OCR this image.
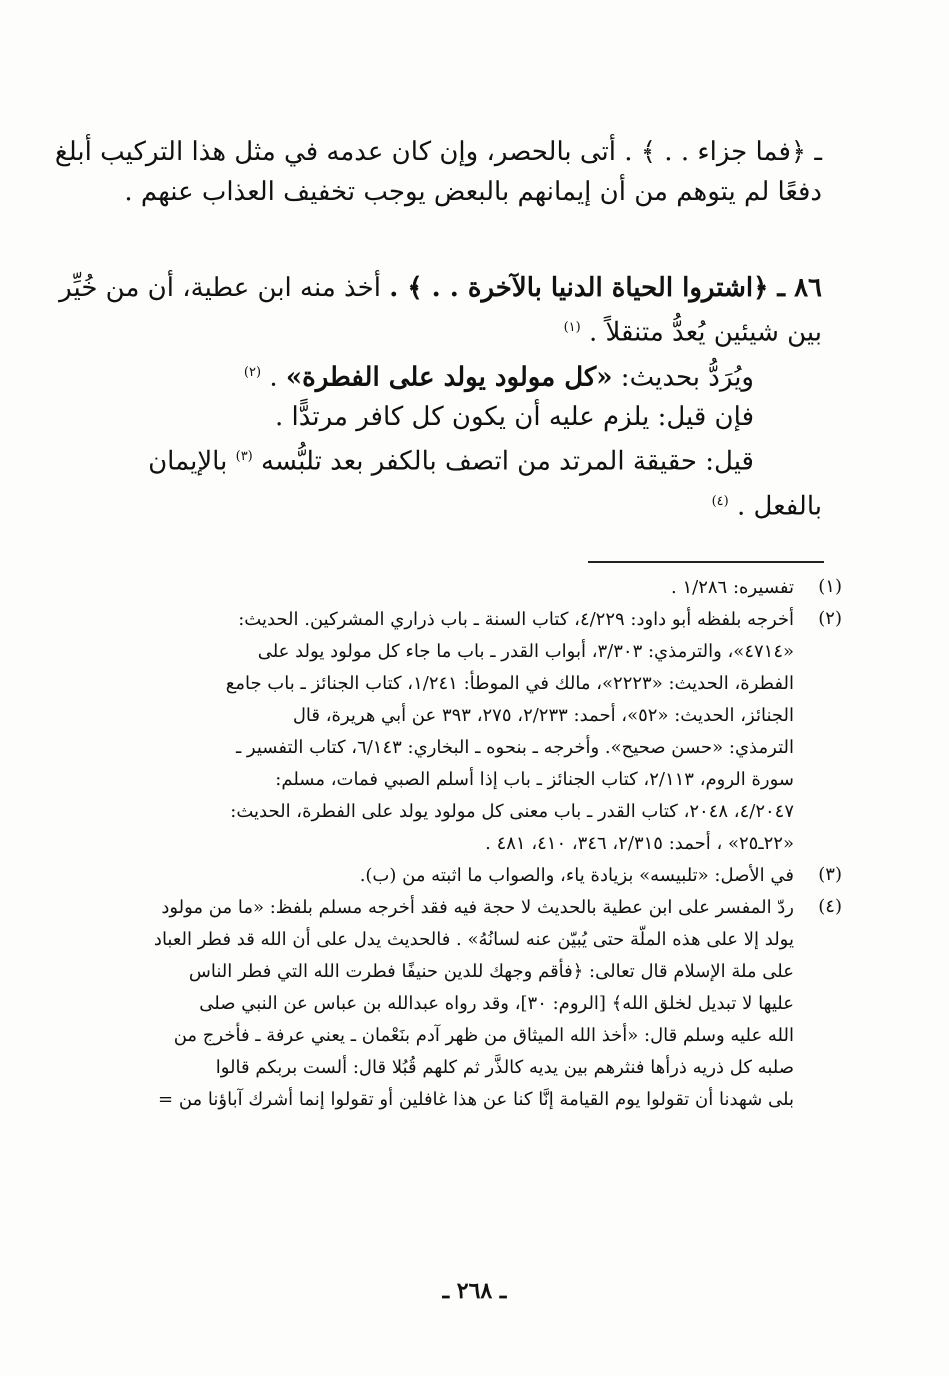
ـ ﴿فما جزاء . . ﴾ . أتى بالحصر، وإن كان عدمه في مثل هذا التركيب أبلغ
دفعًا لم يتوهم من أن إيمانهم بالبعض يوجب تخفيف العذاب عنهم .
٨٦ ـ ﴿اشتروا الحياة الدنيا بالآخرة . . ﴾ . أخذ منه ابن عطية، أن من خُيِّر
بين شيئين يُعدُّ متنقلاً . $^{(١)}$
ويُرَدُّ بحديث: «كل مولود يولد على الفطرة» . $^{(٢)}$
فإن قيل: يلزم عليه أن يكون كل كافر مرتدًّا .
قيل: حقيقة المرتد من اتصف بالكفر بعد تلبُّسه $^{(٣)}$ بالإيمان
بالفعل . $^{(٤)}$
(١)
تفسيره: ١/٢٨٦ .
(٢)
أخرجه بلفظه أبو داود: ٤/٢٢٩، كتاب السنة ـ باب ذراري المشركين. الحديث:
«٤٧١٤»، والترمذي: ٣/٣٠٣، أبواب القدر ـ باب ما جاء كل مولود يولد على
الفطرة، الحديث: «٢٢٢٣»، مالك في الموطأ: ١/٢٤١، كتاب الجنائز ـ باب جامع
الجنائز، الحديث: «٥٢»، أحمد: ٢/٢٣٣، ٢٧٥، ٣٩٣ عن أبي هريرة، قال
الترمذي: «حسن صحيح». وأخرجه ـ بنحوه ـ البخاري: ٦/١٤٣، كتاب التفسير ـ
سورة الروم، ٢/١١٣، كتاب الجنائز ـ باب إذا أسلم الصبي فمات، مسلم:
٤/٢٠٤٧، ٢٠٤٨، كتاب القدر ـ باب معنى كل مولود يولد على الفطرة، الحديث:
«٢٢ـ٢٥» ، أحمد: ٢/٣١٥، ٣٤٦، ٤١٠، ٤٨١ .
(٣)
في الأصل: «تلبيسه» بزيادة ياء، والصواب ما اثبته من (ب).
(٤)
ردّ المفسر على ابن عطية بالحديث لا حجة فيه فقد أخرجه مسلم بلفظ: «ما من مولود
يولد إلا على هذه الملّة حتى يُبيّن عنه لسانُهُ» . فالحديث يدل على أن الله قد فطر العباد
على ملة الإسلام قال تعالى: ﴿فأقم وجهك للدين حنيفًا فطرت الله التي فطر الناس
عليها لا تبديل لخلق الله﴾ [الروم: ٣٠]، وقد رواه عبدالله بن عباس عن النبي صلى
الله عليه وسلم قال: «أخذ الله الميثاق من ظهر آدم بنَعْمان ـ يعني عرفة ـ فأخرج من
صلبه كل ذريه ذرأها فنثرهم بين يديه كالذَّر ثم كلهم قُبُلا قال: ألست بربكم قالوا
بلى شهدنا أن تقولوا يوم القيامة إنَّا كنا عن هذا غافلين أو تقولوا إنما أشرك آباؤنا من =
ـ ٢٦٨ ـ
